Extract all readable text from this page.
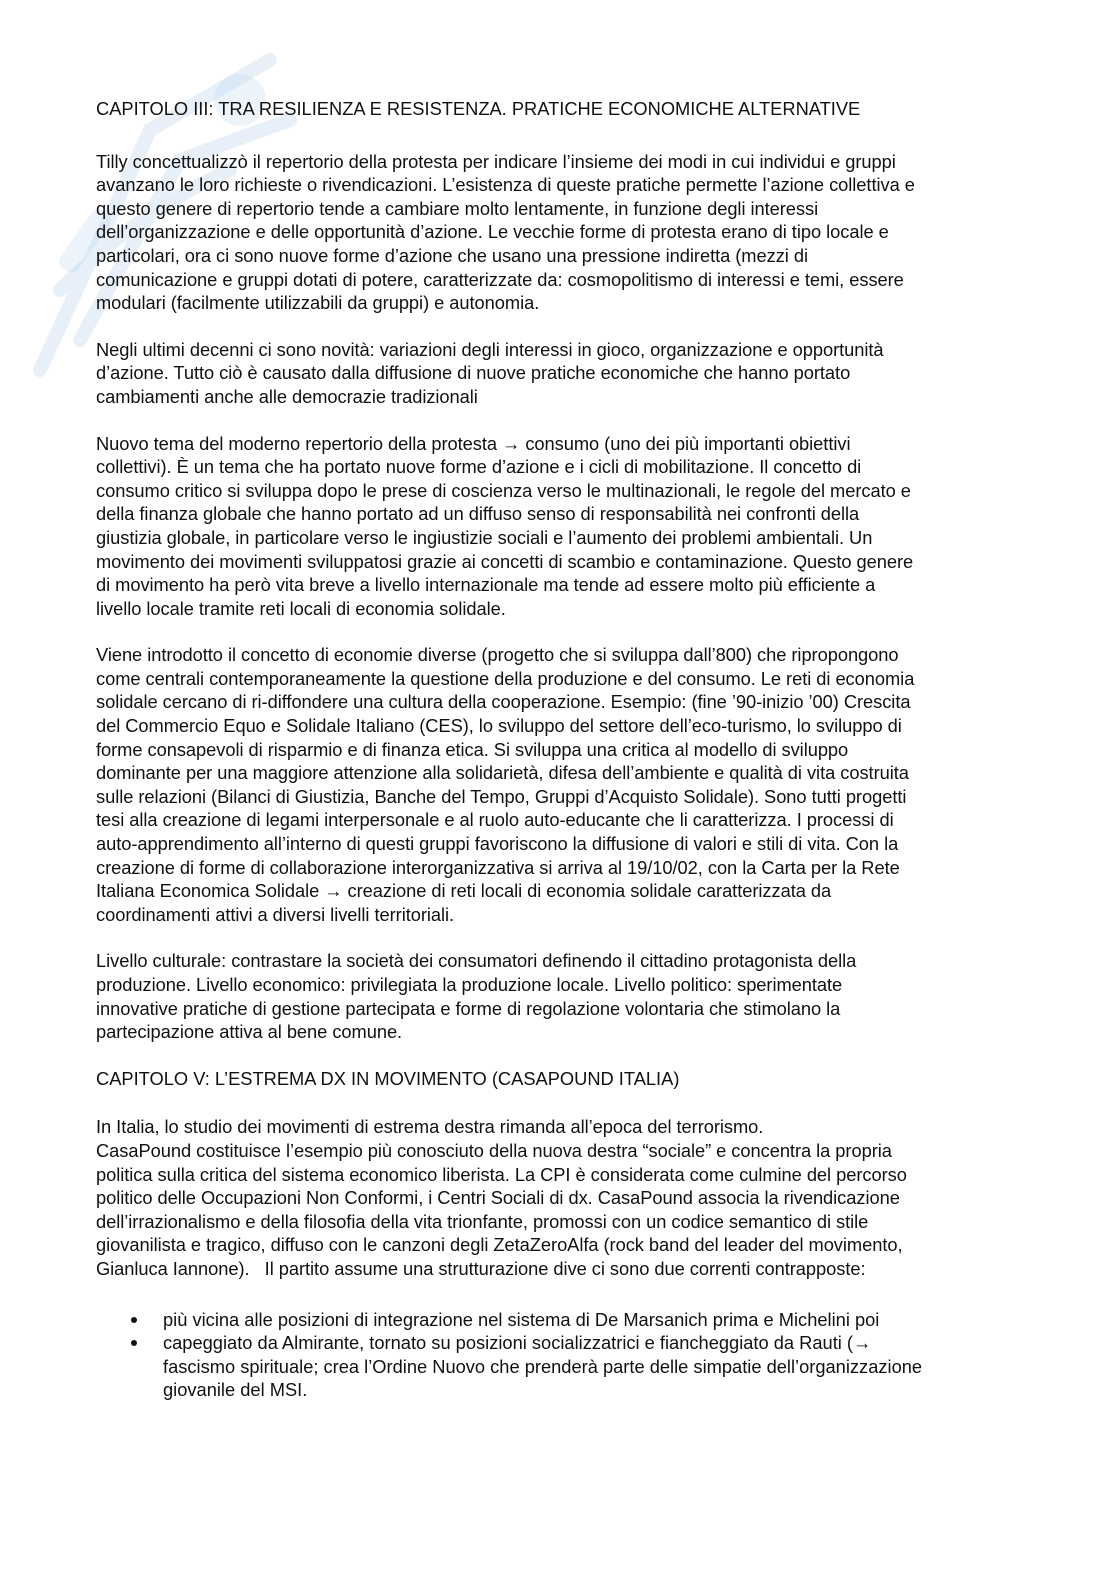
CAPITOLO III: TRA RESILIENZA E RESISTENZA. PRATICHE ECONOMICHE ALTERNATIVE

Tilly concettualizzò il repertorio della protesta per indicare l’insieme dei modi in cui individui e gruppi
avanzano le loro richieste o rivendicazioni. L’esistenza di queste pratiche permette l’azione collettiva e
questo genere di repertorio tende a cambiare molto lentamente, in funzione degli interessi
dell’organizzazione e delle opportunità d’azione. Le vecchie forme di protesta erano di tipo locale e
particolari, ora ci sono nuove forme d’azione che usano una pressione indiretta (mezzi di
comunicazione e gruppi dotati di potere, caratterizzate da: cosmopolitismo di interessi e temi, essere
modulari (facilmente utilizzabili da gruppi) e autonomia.

Negli ultimi decenni ci sono novità: variazioni degli interessi in gioco, organizzazione e opportunità
d’azione. Tutto ciò è causato dalla diffusione di nuove pratiche economiche che hanno portato
cambiamenti anche alle democrazie tradizionali

Nuovo tema del moderno repertorio della protesta → consumo (uno dei più importanti obiettivi
collettivi). È un tema che ha portato nuove forme d’azione e i cicli di mobilitazione. Il concetto di
consumo critico si sviluppa dopo le prese di coscienza verso le multinazionali, le regole del mercato e
della finanza globale che hanno portato ad un diffuso senso di responsabilità nei confronti della
giustizia globale, in particolare verso le ingiustizie sociali e l’aumento dei problemi ambientali. Un
movimento dei movimenti sviluppatosi grazie ai concetti di scambio e contaminazione. Questo genere
di movimento ha però vita breve a livello internazionale ma tende ad essere molto più efficiente a
livello locale tramite reti locali di economia solidale.

Viene introdotto il concetto di economie diverse (progetto che si sviluppa dall’800) che ripropongono
come centrali contemporaneamente la questione della produzione e del consumo. Le reti di economia
solidale cercano di ri-diffondere una cultura della cooperazione. Esempio: (fine ’90-inizio ’00) Crescita
del Commercio Equo e Solidale Italiano (CES), lo sviluppo del settore dell’eco-turismo, lo sviluppo di
forme consapevoli di risparmio e di finanza etica. Si sviluppa una critica al modello di sviluppo
dominante per una maggiore attenzione alla solidarietà, difesa dell’ambiente e qualità di vita costruita
sulle relazioni (Bilanci di Giustizia, Banche del Tempo, Gruppi d’Acquisto Solidale). Sono tutti progetti
tesi alla creazione di legami interpersonale e al ruolo auto-educante che li caratterizza. I processi di
auto-apprendimento all’interno di questi gruppi favoriscono la diffusione di valori e stili di vita. Con la
creazione di forme di collaborazione interorganizzativa si arriva al 19/10/02, con la Carta per la Rete
Italiana Economica Solidale → creazione di reti locali di economia solidale caratterizzata da
coordinamenti attivi a diversi livelli territoriali.

Livello culturale: contrastare la società dei consumatori definendo il cittadino protagonista della
produzione. Livello economico: privilegiata la produzione locale. Livello politico: sperimentate
innovative pratiche di gestione partecipata e forme di regolazione volontaria che stimolano la
partecipazione attiva al bene comune.

CAPITOLO V: L’ESTREMA DX IN MOVIMENTO (CASAPOUND ITALIA)

In Italia, lo studio dei movimenti di estrema destra rimanda all’epoca del terrorismo.
CasaPound costituisce l’esempio più conosciuto della nuova destra “sociale” e concentra la propria
politica sulla critica del sistema economico liberista. La CPI è considerata come culmine del percorso
politico delle Occupazioni Non Conformi, i Centri Sociali di dx. CasaPound associa la rivendicazione
dell’irrazionalismo e della filosofia della vita trionfante, promossi con un codice semantico di stile
giovanilista e tragico, diffuso con le canzoni degli ZetaZeroAlfa (rock band del leader del movimento,
Gianluca Iannone).   Il partito assume una strutturazione dive ci sono due correnti contrapposte:

più vicina alle posizioni di integrazione nel sistema di De Marsanich prima e Michelini poi
capeggiato da Almirante, tornato su posizioni socializzatrici e fiancheggiato da Rauti (→
fascismo spirituale; crea l’Ordine Nuovo che prenderà parte delle simpatie dell’organizzazione
giovanile del MSI.
